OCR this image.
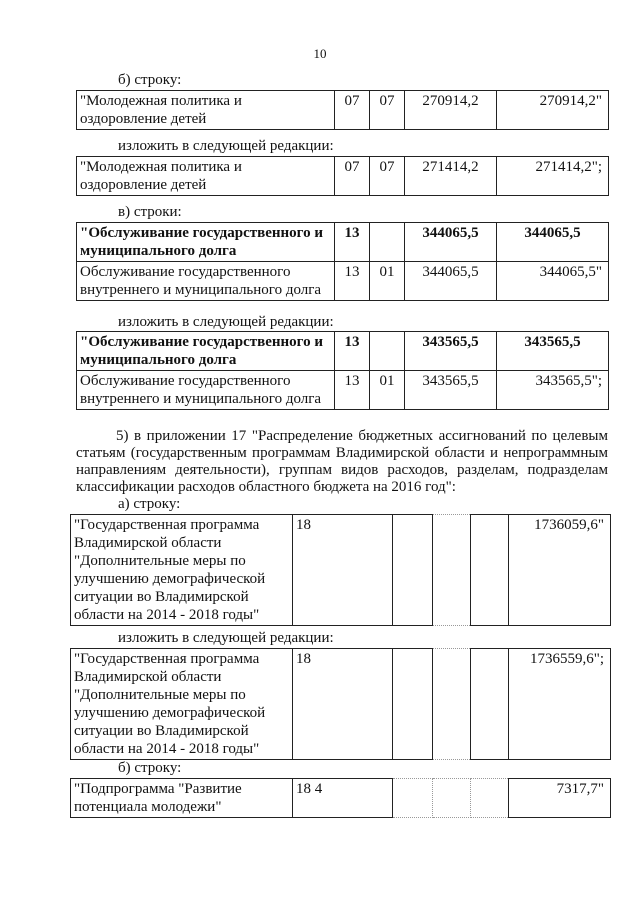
10
б) строку:
"Молодежная политика и оздоровление детей	07	07	270914,2	270914,2"
изложить в следующей редакции:
"Молодежная политика и оздоровление детей	07	07	271414,2	271414,2";
в) строки:
"Обслуживание государственного и муниципального долга	13		344065,5	344065,5
Обслуживание государственного внутреннего и муниципального долга	13	01	344065,5	344065,5"
изложить в следующей редакции:
"Обслуживание государственного и муниципального долга	13		343565,5	343565,5
Обслуживание государственного внутреннего и муниципального долга	13	01	343565,5	343565,5";
5) в приложении 17 "Распределение бюджетных ассигнований по целевым статьям (государственным программам Владимирской области и непрограммным направлениям деятельности), группам видов расходов, разделам, подразделам классификации расходов областного бюджета на 2016 год":
а) строку:
"Государственная программа Владимирской области "Дополнительные меры по улучшению демографической ситуации во Владимирской области на 2014 - 2018 годы"	18				1736059,6"
изложить в следующей редакции:
"Государственная программа Владимирской области "Дополнительные меры по улучшению демографической ситуации во Владимирской области на 2014 - 2018 годы"	18				1736559,6";
б) строку:
"Подпрограмма "Развитие потенциала молодежи"	18 4				7317,7"
